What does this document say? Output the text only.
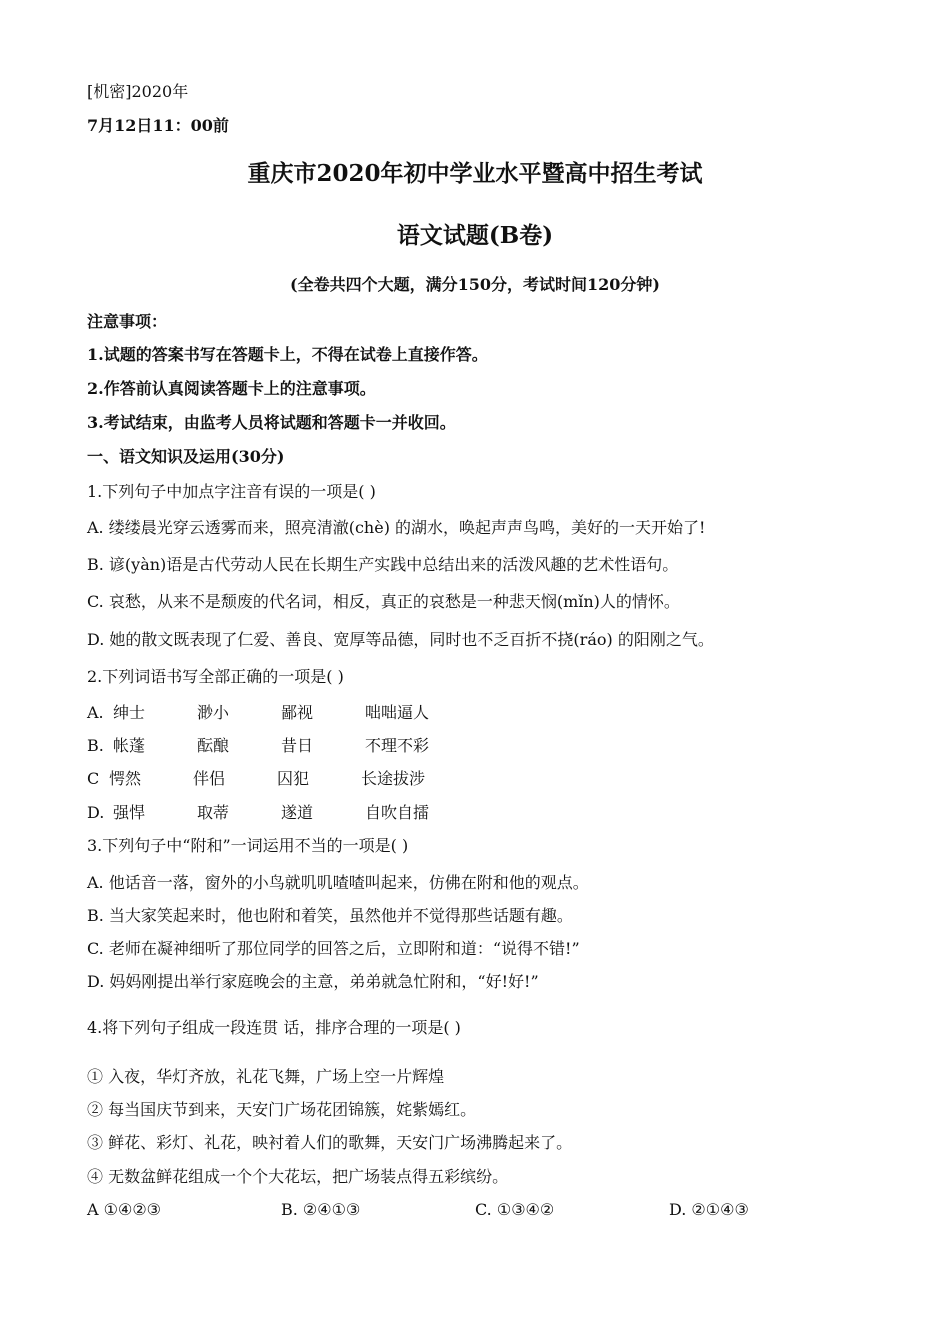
[机密]2020年
7月12日11：00前
重庆市2020年初中学业水平暨高中招生考试
语文试题(B卷)
(全卷共四个大题，满分150分，考试时间120分钟)
注意事项：
1.试题的答案书写在答题卡上，不得在试卷上直接作答。
2.作答前认真阅读答题卡上的注意事项。
3.考试结束，由监考人员将试题和答题卡一并收回。
一、语文知识及运用(30分)
1.下列句子中加点字注音有误的一项是( )
A. 缕缕晨光穿云透雾而来，照亮清澈(chè) 的湖水，唤起声声鸟鸣，美好的一天开始了!
B. 谚(yàn)语是古代劳动人民在长期生产实践中总结出来的活泼风趣的艺术性语句。
C. 哀愁，从来不是颓废的代名词，相反，真正的哀愁是一种悲天悯(mǐn)人的情怀。
D. 她的散文既表现了仁爱、善良、宽厚等品德，同时也不乏百折不挠(ráo) 的阳刚之气。
2.下列词语书写全部正确的一项是( )
A. 绅士	渺小	鄙视	咄咄逼人
B. 帐蓬	酝酿	昔日	不理不彩
C 愕然	伴侣	囚犯	长途拔涉
D. 强悍	取蒂	遂道	自吹自擂
3.下列句子中“附和”一词运用不当的一项是( )
A. 他话音一落，窗外的小鸟就叽叽喳喳叫起来，仿佛在附和他的观点。
B. 当大家笑起来时，他也附和着笑，虽然他并不觉得那些话题有趣。
C. 老师在凝神细听了那位同学的回答之后，立即附和道：“说得不错!”
D. 妈妈刚提出举行家庭晚会的主意，弟弟就急忙附和，“好!好!”
4.将下列句子组成一段连贯 话，排序合理的一项是( )
① 入夜，华灯齐放，礼花飞舞，广场上空一片辉煌
② 每当国庆节到来，天安门广场花团锦簇，姹紫嫣红。
③ 鲜花、彩灯、礼花，映衬着人们的歌舞，天安门广场沸腾起来了。
④ 无数盆鲜花组成一个个大花坛，把广场装点得五彩缤纷。
A ①④②③	B. ②④①③	C. ①③④②	D. ②①④③
